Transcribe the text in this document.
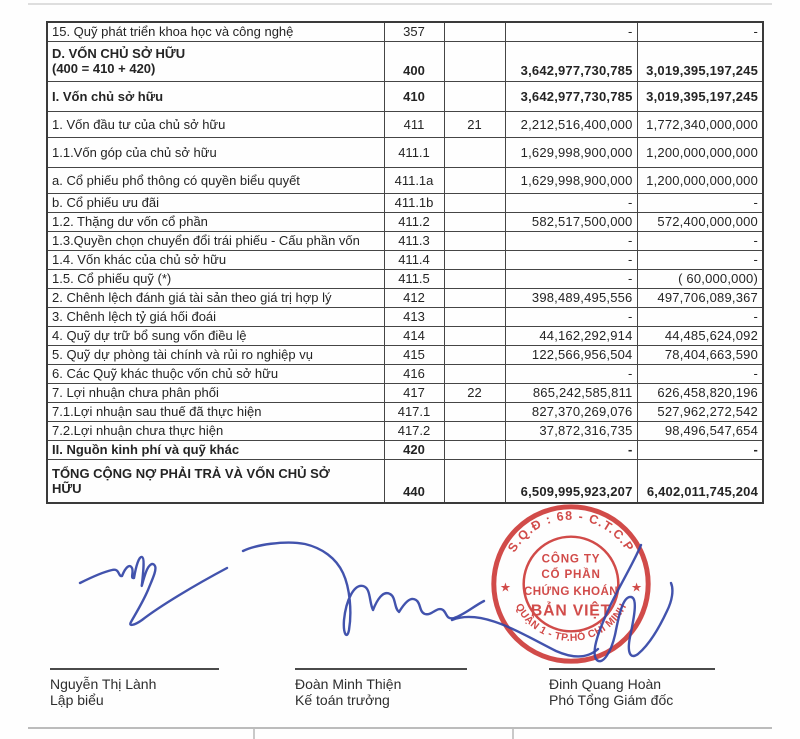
15. Quỹ phát triển khoa học và công nghệ	357		-	-

D. VỐN CHỦ SỞ HỮU
(400 = 410 + 420)	400		3,642,977,730,785	3,019,395,197,245

I. Vốn chủ sở hữu	410		3,642,977,730,785	3,019,395,197,245

1. Vốn đầu tư của chủ sở hữu	411	21	2,212,516,400,000	1,772,340,000,000

1.1.Vốn góp của chủ sở hữu	411.1		1,629,998,900,000	1,200,000,000,000

a. Cổ phiếu phổ thông có quyền biểu quyết	411.1a		1,629,998,900,000	1,200,000,000,000

b. Cổ phiếu ưu đãi	411.1b		-	-

1.2. Thặng dư vốn cổ phần	411.2		582,517,500,000	572,400,000,000

1.3.Quyền chọn chuyển đổi trái phiếu - Cấu phần vốn	411.3		-	-

1.4. Vốn khác của chủ sở hữu	411.4		-	-

1.5. Cổ phiếu quỹ (*)	411.5		-	( 60,000,000)

2. Chênh lệch đánh giá tài sản theo giá trị hợp lý	412		398,489,495,556	497,706,089,367

3. Chênh lệch tỷ giá hối đoái	413		-	-

4. Quỹ dự trữ bổ sung vốn điều lệ	414		44,162,292,914	44,485,624,092

5. Quỹ dự phòng tài chính và rủi ro nghiệp vụ	415		122,566,956,504	78,404,663,590

6. Các Quỹ khác thuộc vốn chủ sở hữu	416		-	-

7. Lợi nhuận chưa phân phối	417	22	865,242,585,811	626,458,820,196

7.1.Lợi nhuận sau thuế đã thực hiện	417.1		827,370,269,076	527,962,272,542

7.2.Lợi nhuận chưa thực hiện	417.2		37,872,316,735	98,496,547,654

II. Nguồn kinh phí và quỹ khác	420		-	-

TỔNG CỘNG NỢ PHẢI TRẢ VÀ VỐN CHỦ SỞ
HỮU	440		6,509,995,923,207	6,402,011,745,204
S.Q.Đ : 68 - C.T.C.P
QUẬN 1 - TP.HỒ CHÍ MINH
★	★
CÔNG TY
CỔ PHẦN
CHỨNG KHOÁN
BẢN VIỆT
Nguyễn Thị Lành
Lập biểu
Đoàn Minh Thiện
Kế toán trưởng
Đinh Quang Hoàn
Phó Tổng Giám đốc
